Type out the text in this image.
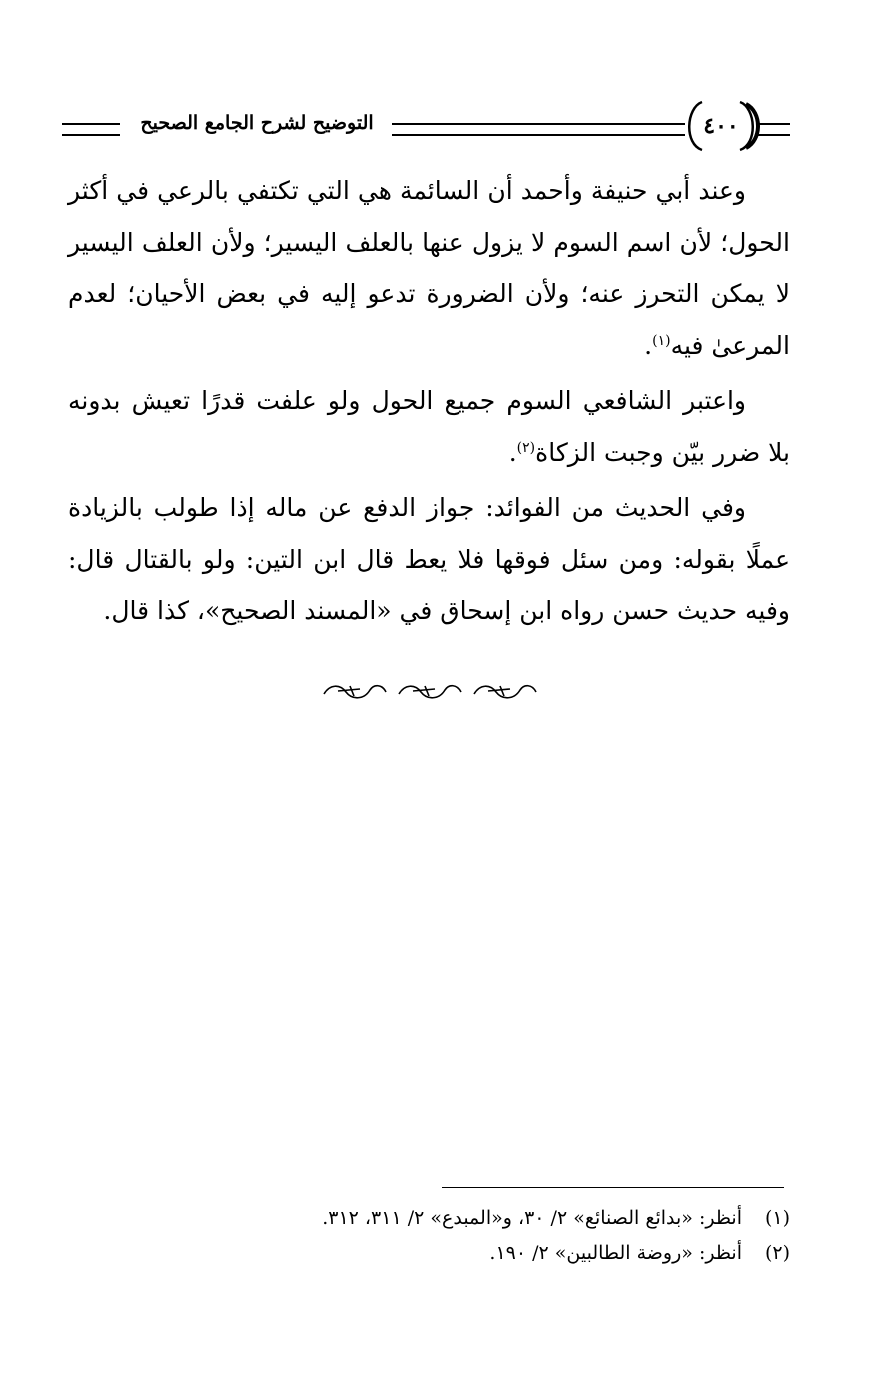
التوضيح لشرح الجامع الصحيح	٤٠٠

وعند أبي حنيفة وأحمد أن السائمة هي التي تكتفي بالرعي في أكثر الحول؛ لأن اسم السوم لا يزول عنها بالعلف اليسير؛ ولأن العلف اليسير لا يمكن التحرز عنه؛ ولأن الضرورة تدعو إليه في بعض الأحيان؛ لعدم المرعىٰ فيه$^{(١)}$.

واعتبر الشافعي السوم جميع الحول ولو علفت قدرًا تعيش بدونه بلا ضرر بيّن وجبت الزكاة$^{(٢)}$.

وفي الحديث من الفوائد: جواز الدفع عن ماله إذا طولب بالزيادة عملًا بقوله: ومن سئل فوقها فلا يعط قال ابن التين: ولو بالقتال قال: وفيه حديث حسن رواه ابن إسحاق في «المسند الصحيح»، كذا قال.

(١)أنظر: «بدائع الصنائع» ٢/ ٣٠، و«المبدع» ٢/ ٣١١، ٣١٢.
(٢)أنظر: «روضة الطالبين» ٢/ ١٩٠.
